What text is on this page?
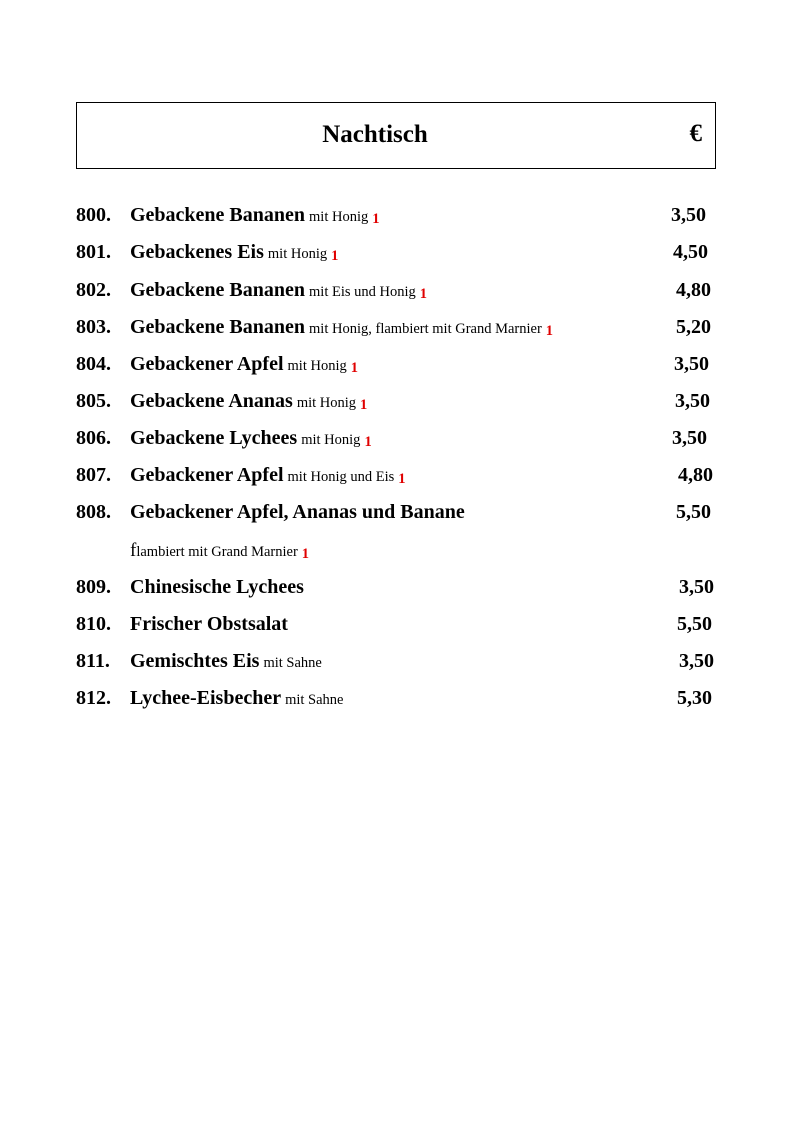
Nachtisch	€
800. Gebackene Bananen mit Honig 1	3,50
801. Gebackenes Eis mit Honig 1	4,50
802. Gebackene Bananen mit Eis und Honig 1	4,80
803. Gebackene Bananen mit Honig, flambiert mit Grand Marnier 1	5,20
804. Gebackener Apfel mit Honig 1	3,50
805. Gebackene Ananas mit Honig 1	3,50
806. Gebackene Lychees mit Honig 1	3,50
807. Gebackener Apfel mit Honig und Eis 1	4,80
808. Gebackener Apfel, Ananas und Banane	5,50
flambiert mit Grand Marnier 1
809. Chinesische Lychees	3,50
810. Frischer Obstsalat	5,50
811. Gemischtes Eis mit Sahne	3,50
812. Lychee-Eisbecher mit Sahne	5,30
